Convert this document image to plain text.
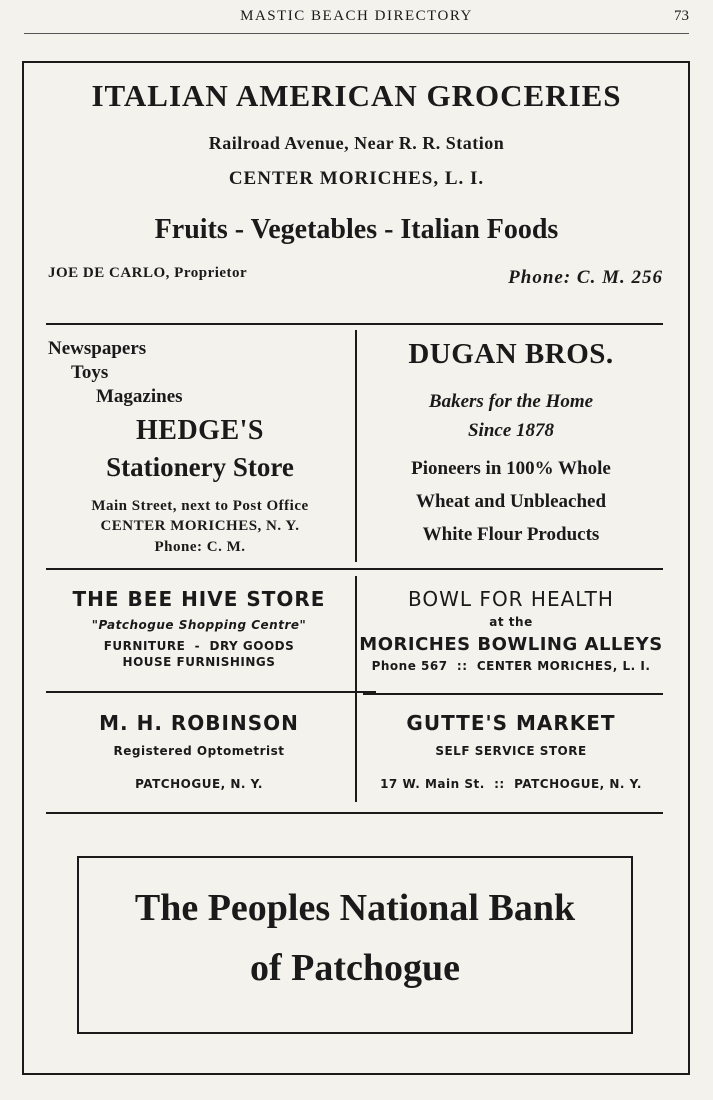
MASTIC BEACH DIRECTORY	73
ITALIAN AMERICAN GROCERIES
Railroad Avenue, Near R. R. Station
CENTER MORICHES, L. I.
Fruits - Vegetables - Italian Foods
JOE DE CARLO, Proprietor	Phone: C. M. 256
Newspapers
Toys
Magazines
HEDGE'S
Stationery Store
Main Street, next to Post Office
CENTER MORICHES, N. Y.
Phone: C. M.
DUGAN BROS.
Bakers for the Home
Since 1878
Pioneers in 100% Whole
Wheat and Unbleached
White Flour Products
THE BEE HIVE STORE
"Patchogue Shopping Centre"
FURNITURE  -  DRY GOODS
HOUSE FURNISHINGS
BOWL FOR HEALTH
at the
MORICHES BOWLING ALLEYS
Phone 567  ::  CENTER MORICHES, L. I.
M. H. ROBINSON
Registered Optometrist
PATCHOGUE, N. Y.
GUTTE'S MARKET
SELF SERVICE STORE
17 W. Main St.  ::  PATCHOGUE, N. Y.
The Peoples National Bank
of Patchogue
